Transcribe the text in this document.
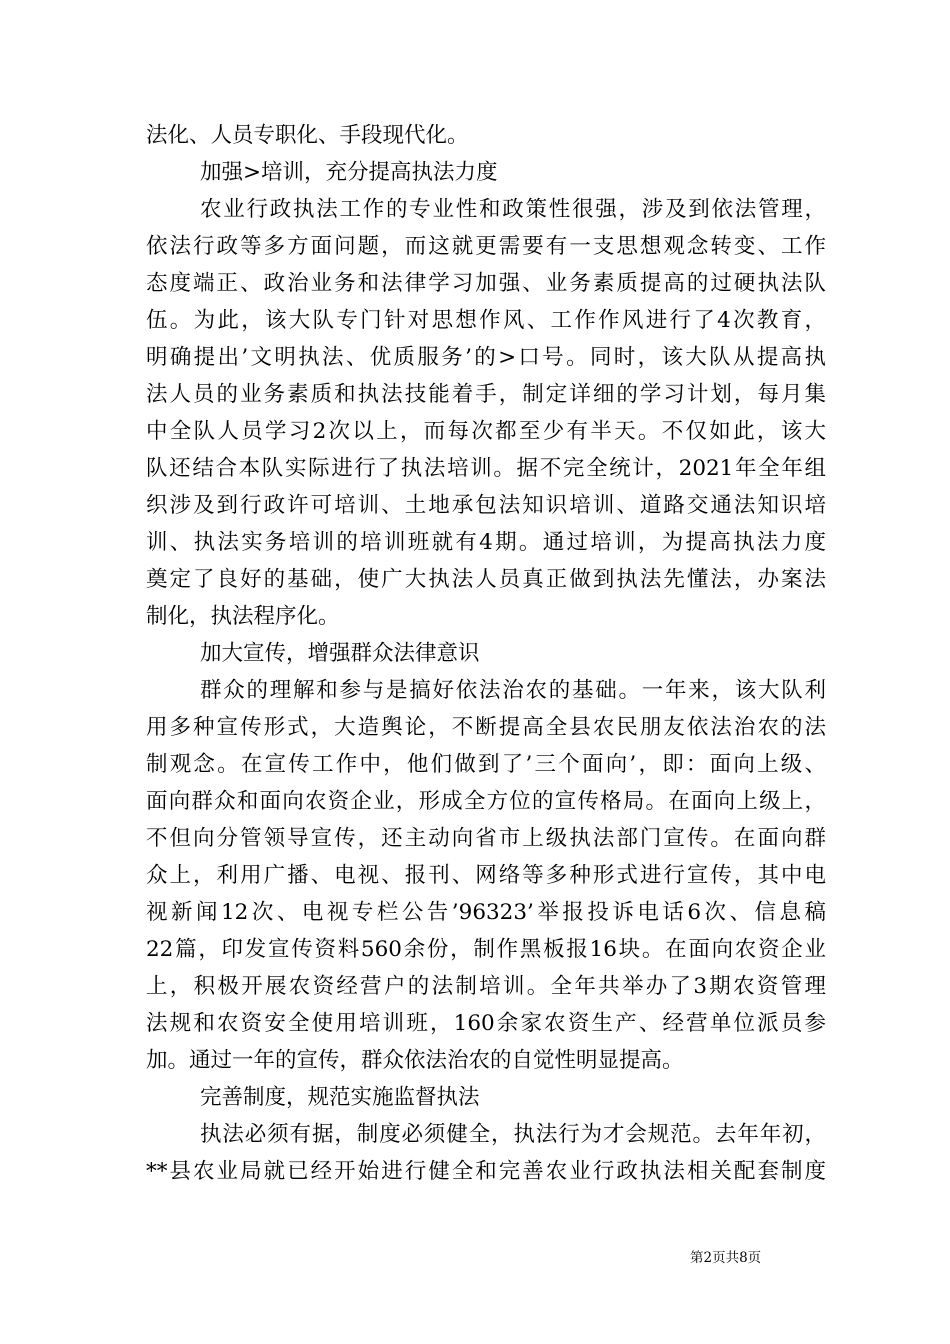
法化、人员专职化、手段现代化。
加强>培训，充分提高执法力度
农业行政执法工作的专业性和政策性很强，涉及到依法管理，
依法行政等多方面问题，而这就更需要有一支思想观念转变、工作
态度端正、政治业务和法律学习加强、业务素质提高的过硬执法队
伍。为此，该大队专门针对思想作风、工作作风进行了4次教育，
明确提出’文明执法、优质服务’的>口号。同时，该大队从提高执
法人员的业务素质和执法技能着手，制定详细的学习计划，每月集
中全队人员学习2次以上，而每次都至少有半天。不仅如此，该大
队还结合本队实际进行了执法培训。据不完全统计，2021年全年组
织涉及到行政许可培训、土地承包法知识培训、道路交通法知识培
训、执法实务培训的培训班就有4期。通过培训，为提高执法力度
奠定了良好的基础，使广大执法人员真正做到执法先懂法，办案法
制化，执法程序化。
加大宣传，增强群众法律意识
群众的理解和参与是搞好依法治农的基础。一年来，该大队利
用多种宣传形式，大造舆论，不断提高全县农民朋友依法治农的法
制观念。在宣传工作中，他们做到了’三个面向’，即：面向上级、
面向群众和面向农资企业，形成全方位的宣传格局。在面向上级上，
不但向分管领导宣传，还主动向省市上级执法部门宣传。在面向群
众上，利用广播、电视、报刊、网络等多种形式进行宣传，其中电
视新闻12次、电视专栏公告’96323’举报投诉电话6次、信息稿
22篇，印发宣传资料560余份，制作黑板报16块。在面向农资企业
上，积极开展农资经营户的法制培训。全年共举办了3期农资管理
法规和农资安全使用培训班，160余家农资生产、经营单位派员参
加。通过一年的宣传，群众依法治农的自觉性明显提高。
完善制度，规范实施监督执法
执法必须有据，制度必须健全，执法行为才会规范。去年年初，
**县农业局就已经开始进行健全和完善农业行政执法相关配套制度
第2页共8页
